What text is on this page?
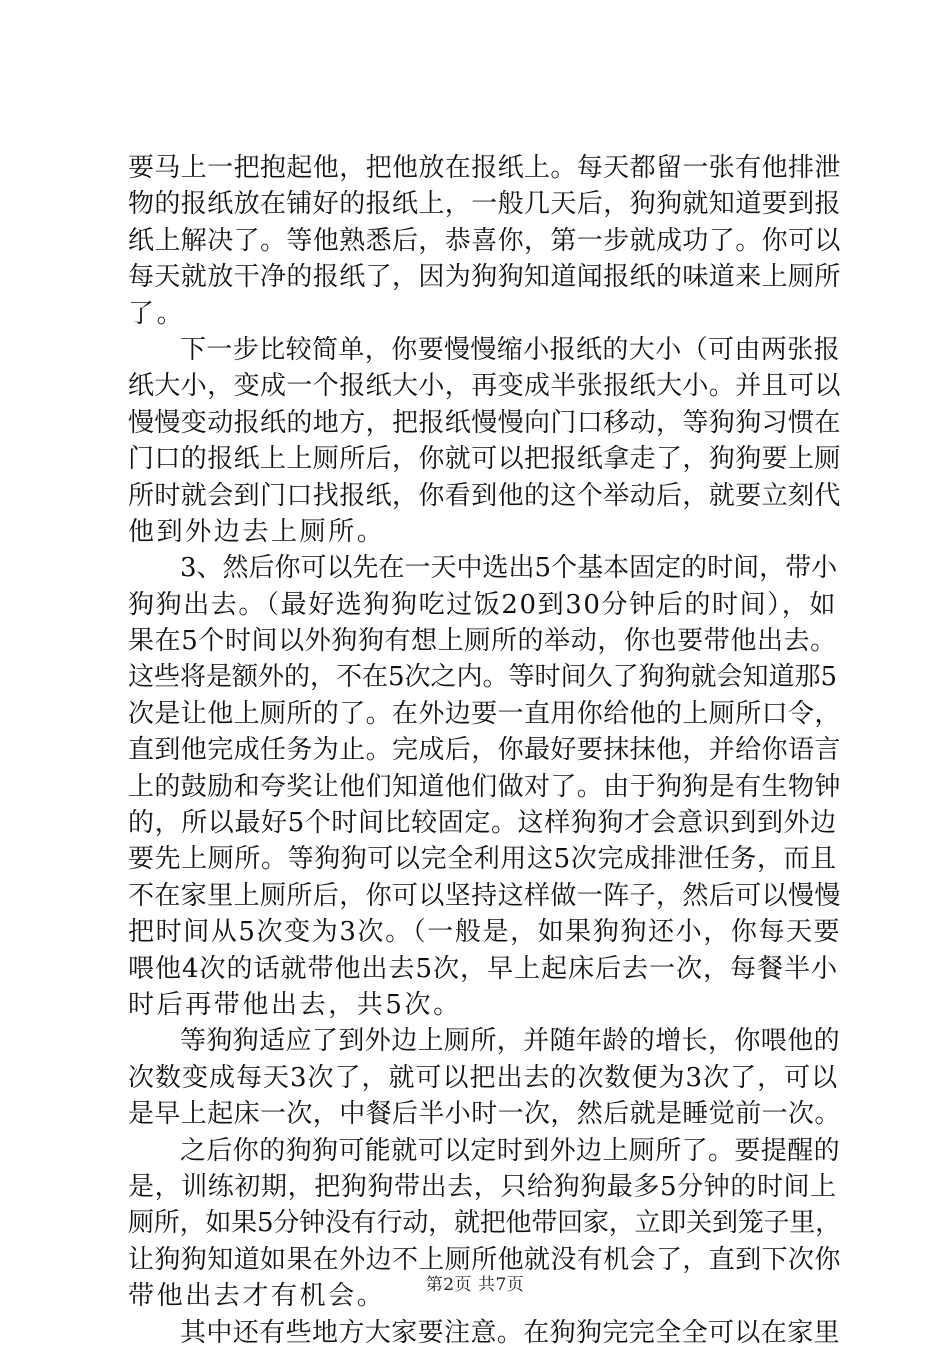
要马上一把抱起他，把他放在报纸上。每天都留一张有他排泄
物的报纸放在铺好的报纸上，一般几天后，狗狗就知道要到报
纸上解决了。等他熟悉后，恭喜你，第一步就成功了。你可以
每天就放干净的报纸了，因为狗狗知道闻报纸的味道来上厕所
了。
下一步比较简单，你要慢慢缩小报纸的大小（可由两张报
纸大小，变成一个报纸大小，再变成半张报纸大小。并且可以
慢慢变动报纸的地方，把报纸慢慢向门口移动，等狗狗习惯在
门口的报纸上上厕所后，你就可以把报纸拿走了，狗狗要上厕
所时就会到门口找报纸，你看到他的这个举动后，就要立刻代
他到外边去上厕所。
3、然后你可以先在一天中选出5个基本固定的时间，带小
狗狗出去。（最好选狗狗吃过饭20到30分钟后的时间），如
果在5个时间以外狗狗有想上厕所的举动，你也要带他出去。
这些将是额外的，不在5次之内。等时间久了狗狗就会知道那5
次是让他上厕所的了。在外边要一直用你给他的上厕所口令，
直到他完成任务为止。完成后，你最好要抹抹他，并给你语言
上的鼓励和夸奖让他们知道他们做对了。由于狗狗是有生物钟
的，所以最好5个时间比较固定。这样狗狗才会意识到到外边
要先上厕所。等狗狗可以完全利用这5次完成排泄任务，而且
不在家里上厕所后，你可以坚持这样做一阵子，然后可以慢慢
把时间从5次变为3次。（一般是，如果狗狗还小，你每天要
喂他4次的话就带他出去5次，早上起床后去一次，每餐半小
时后再带他出去，共5次。
等狗狗适应了到外边上厕所，并随年龄的增长，你喂他的
次数变成每天3次了，就可以把出去的次数便为3次了，可以
是早上起床一次，中餐后半小时一次，然后就是睡觉前一次。
之后你的狗狗可能就可以定时到外边上厕所了。要提醒的
是，训练初期，把狗狗带出去，只给狗狗最多5分钟的时间上
厕所，如果5分钟没有行动，就把他带回家，立即关到笼子里，
让狗狗知道如果在外边不上厕所他就没有机会了，直到下次你
带他出去才有机会。
其中还有些地方大家要注意。在狗狗完完全全可以在家里
第2页 共7页
